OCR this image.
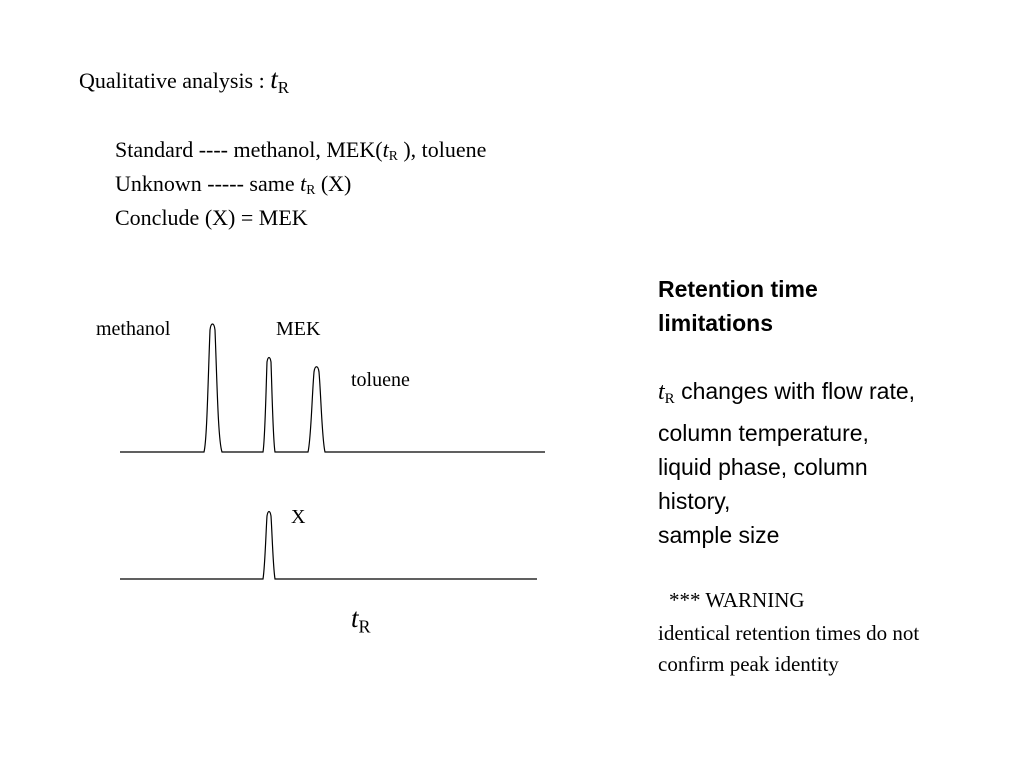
Qualitative analysis : $t_R$
Standard ---- methanol, $MEK(t_R$ ), toluene
Unknown ----- same $t_R$ (X)
Conclude (X) = MEK
methanol	MEK
toluene
X
$t_R$
Retention time
limitations
$t_R$ changes with flow rate,
column temperature,
liquid phase, column
history,
sample size
*** WARNING
identical retention times do not
confirm peak identity
